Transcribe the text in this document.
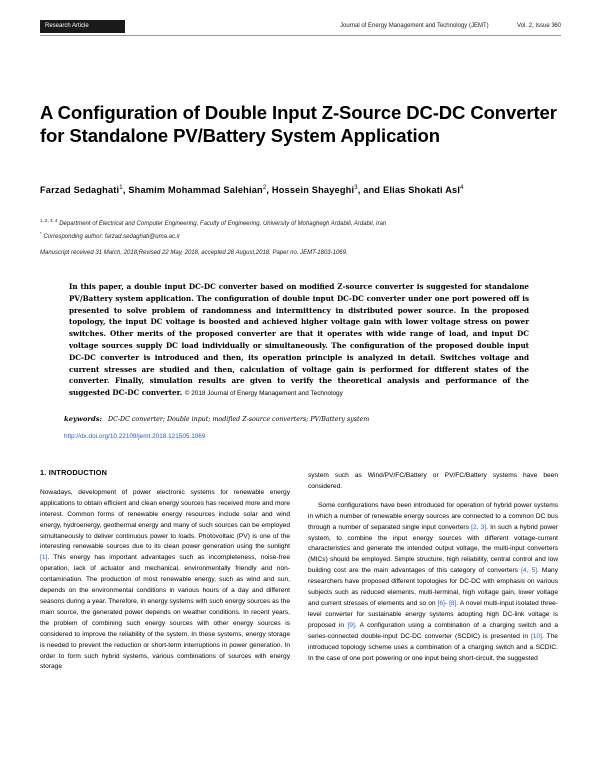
Research Article	Journal of Energy Management and Technology (JEMT)	Vol. 2, Issue 3 60
A Configuration of Double Input Z-Source DC-DC Converter for Standalone PV/Battery System Application
Farzad Sedaghati$^1$, Shamim Mohammad Salehian$^2$, Hossein Shayeghi$^3$, and Elias Shokati Asl$^4$
$^{1, 2, 3, 4}$ Department of Electrical and Computer Engineering, Faculty of Engineering, University of Mohaghegh Ardabili, Ardabil, Iran
* Corresponding author: farzad.sedaghati@uma.ac.ir
Manuscript received 31 March, 2018;Revised 22 May, 2018, accepted 28 August,2018. Paper no. JEMT-1803-1069.
In this paper, a double input DC-DC converter based on modified Z-source converter is suggested for standalone PV/Battery system application. The configuration of double input DC-DC converter under one port powered off is presented to solve problem of randomness and intermittency in distributed power source. In the proposed topology, the input DC voltage is boosted and achieved higher voltage gain with lower voltage stress on power switches. Other merits of the proposed converter are that it operates with wide range of load, and input DC voltage sources supply DC load individually or simultaneously. The configuration of the proposed double input DC-DC converter is introduced and then, its operation principle is analyzed in detail. Switches voltage and current stresses are studied and then, calculation of voltage gain is performed for different states of the converter. Finally, simulation results are given to verify the theoretical analysis and performance of the suggested DC-DC converter. © 2018 Journal of Energy Management and Technology
keywords: DC-DC converter; Double input; modified Z-source converters; PV/Battery system
http://dx.doi.org/10.22109/jemt.2018.121505.1069
1. INTRODUCTION

Nowadays, development of power electronic systems for renewable energy applications to obtain efficient and clean energy sources has received more and more interest. Common forms of renewable energy resources include solar and wind energy, hydroenergy, geothermal energy and many of such sources can be employed simultaneously to deliver continuous power to loads. Photovoltaic (PV) is one of the interesting renewable sources due to its clean power generation using the sunlight [1]. This energy has important advantages such as incompleteness, noise-free operation, lack of actuator and mechanical, environmentally friendly and non-contamination. The production of most renewable energy, such as wind and sun, depends on the environmental conditions in various hours of a day and different seasons during a year. Therefore, in energy systems with such energy sources as the main source, the generated power depends on weather conditions. In recent years, the problem of combining such energy sources with other energy sources is considered to improve the reliability of the system. In these systems, energy storage is needed to prevent the reduction or short-term interruptions in power generation. In order to form such hybrid systems, various combinations of sources with energy storage

system such as Wind/PV/FC/Battery or PV/FC/Battery systems have been considered.

Some configurations have been introduced for operation of hybrid power systems in which a number of renewable energy sources are connected to a common DC bus through a number of separated single input converters [2, 3]. In such a hybrid power system, to combine the input energy sources with different voltage-current characteristics and generate the intended output voltage, the multi-input converters (MICs) should be employed. Simple structure, high reliability, central control and low building cost are the main advantages of this category of converters [4, 5]. Many researchers have proposed different topologies for DC-DC with emphasis on various subjects such as reduced elements, multi-terminal, high voltage gain, lower voltage and current stresses of elements and so on [6]- [8]. A novel multi-input isolated three-level converter for sustainable energy systems adopting high DC-link voltage is proposed in [9]. A configuration using a combination of a charging switch and a series-connected double-input DC-DC converter (SCDIC) is presented in [10]. The introduced topology scheme uses a combination of a charging switch and a SCDIC. In the case of one port powering or one input being short-circuit, the suggested
